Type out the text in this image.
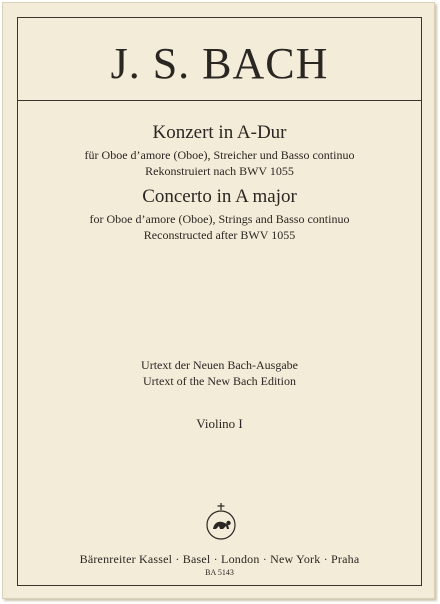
J. S. BACH
Konzert in A-Dur
für Oboe d’amore (Oboe), Streicher und Basso continuo
Rekonstruiert nach BWV 1055
Concerto in A major
for Oboe d’amore (Oboe), Strings and Basso continuo
Reconstructed after BWV 1055
Urtext der Neuen Bach-Ausgabe
Urtext of the New Bach Edition
Violino I
Bärenreiter Kassel · Basel · London · New York · Praha
BA 5143
